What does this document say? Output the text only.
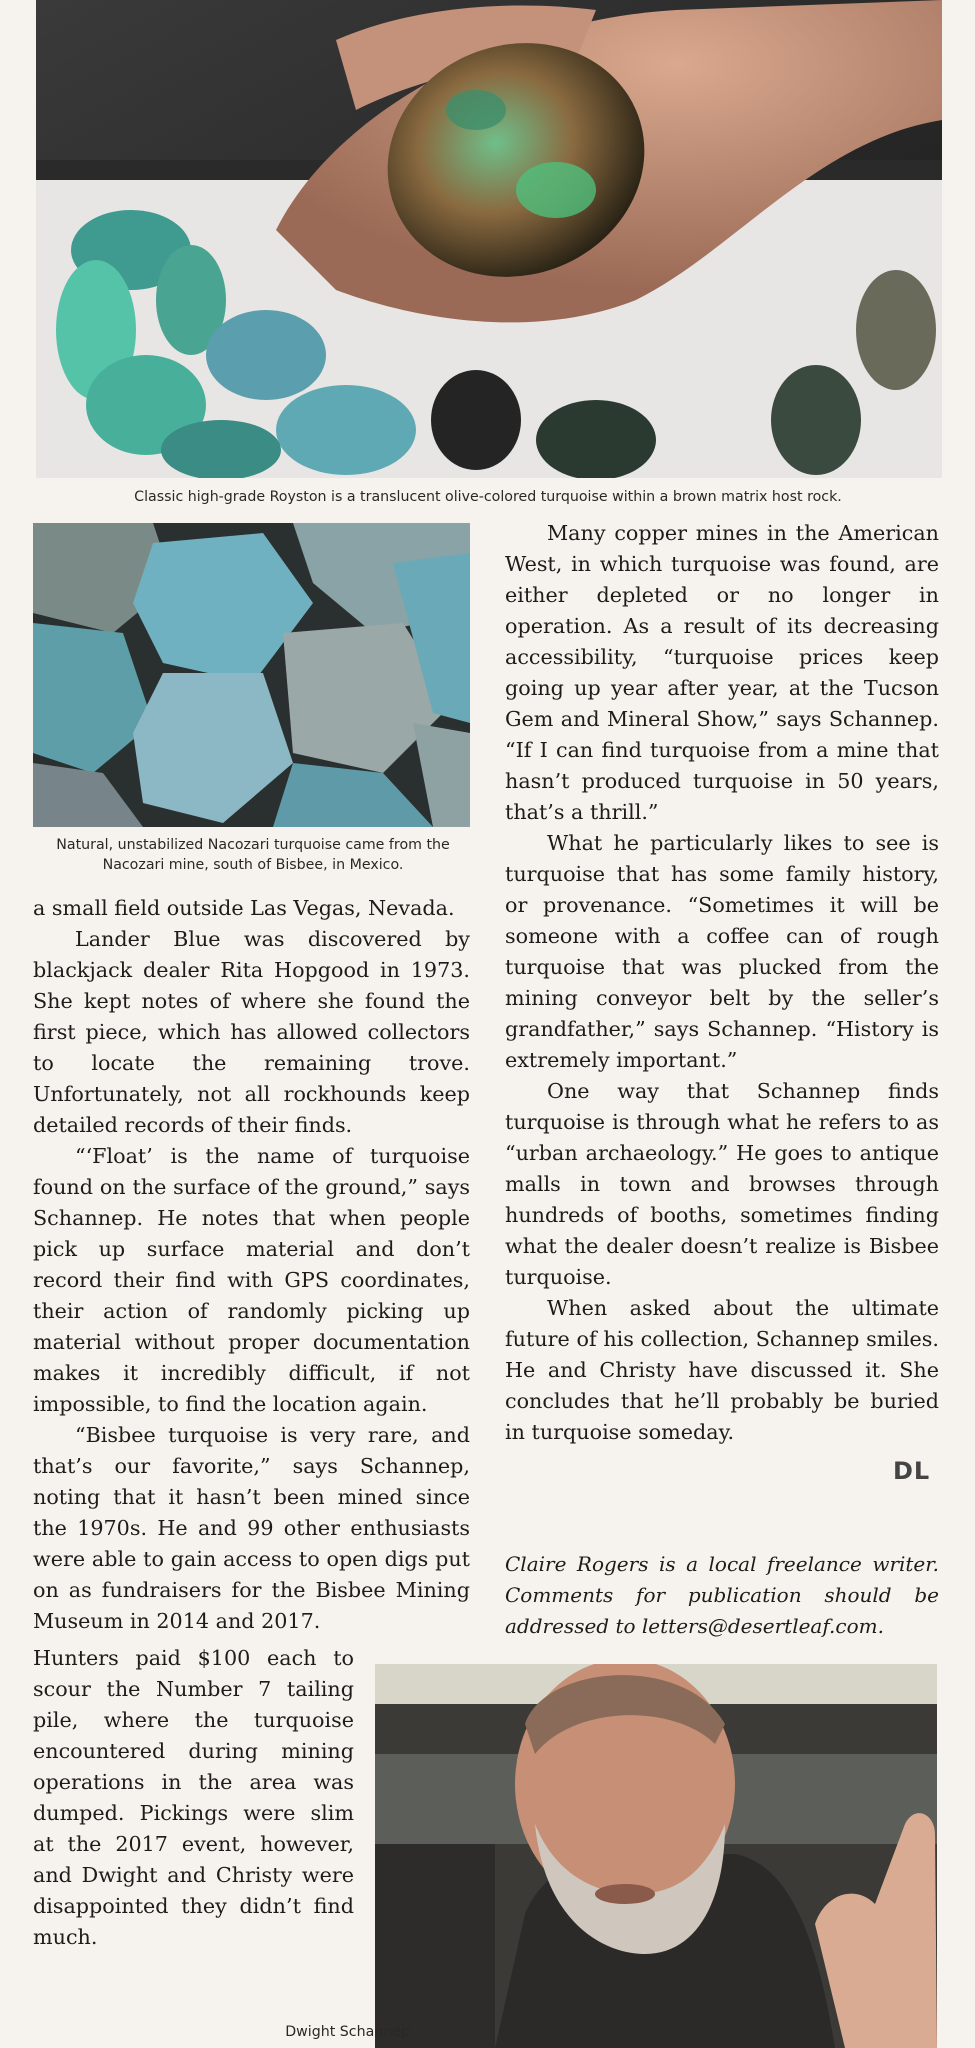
Classic high-grade Royston is a translucent olive-colored turquoise within a brown matrix host rock.
Natural, unstabilized Nacozari turquoise came from the Nacozari mine, south of Bisbee, in Mexico.

a small field outside Las Vegas, Nevada.

Lander Blue was discovered by blackjack dealer Rita Hopgood in 1973. She kept notes of where she found the first piece, which has allowed collectors to locate the remaining trove. Unfortunately, not all rockhounds keep detailed records of their finds.

“‘Float’ is the name of turquoise found on the surface of the ground,” says Schannep. He notes that when people pick up surface material and don’t record their find with GPS coordinates, their action of randomly picking up material without proper documentation makes it incredibly difficult, if not impossible, to find the location again.

“Bisbee turquoise is very rare, and that’s our favorite,” says Schannep, noting that it hasn’t been mined since the 1970s. He and 99 other enthusiasts were able to gain access to open digs put on as fundraisers for the Bisbee Mining Museum in 2014 and 2017.

Hunters paid $100 each to scour the Number 7 tailing pile, where the turquoise encountered during mining operations in the area was dumped. Pickings were slim at the 2017 event, however, and Dwight and Christy were disappointed they didn’t find much.

Many copper mines in the American West, in which turquoise was found, are either depleted or no longer in operation. As a result of its decreasing accessibility, “turquoise prices keep going up year after year, at the Tucson Gem and Mineral Show,” says Schannep. “If I can find turquoise from a mine that hasn’t produced turquoise in 50 years, that’s a thrill.”

What he particularly likes to see is turquoise that has some family history, or provenance. “Sometimes it will be someone with a coffee can of rough turquoise that was plucked from the mining conveyor belt by the seller’s grandfather,” says Schannep. “History is extremely important.”

One way that Schannep finds turquoise is through what he refers to as “urban archaeology.” He goes to antique malls in town and browses through hundreds of booths, sometimes finding what the dealer doesn’t realize is Bisbee turquoise.

When asked about the ultimate future of his collection, Schannep smiles. He and Christy have discussed it. She concludes that he’ll probably be buried in turquoise someday.

DL
Claire Rogers is a local freelance writer. Comments for publication should be addressed to letters@desertleaf.com.
Dwight Schannep
